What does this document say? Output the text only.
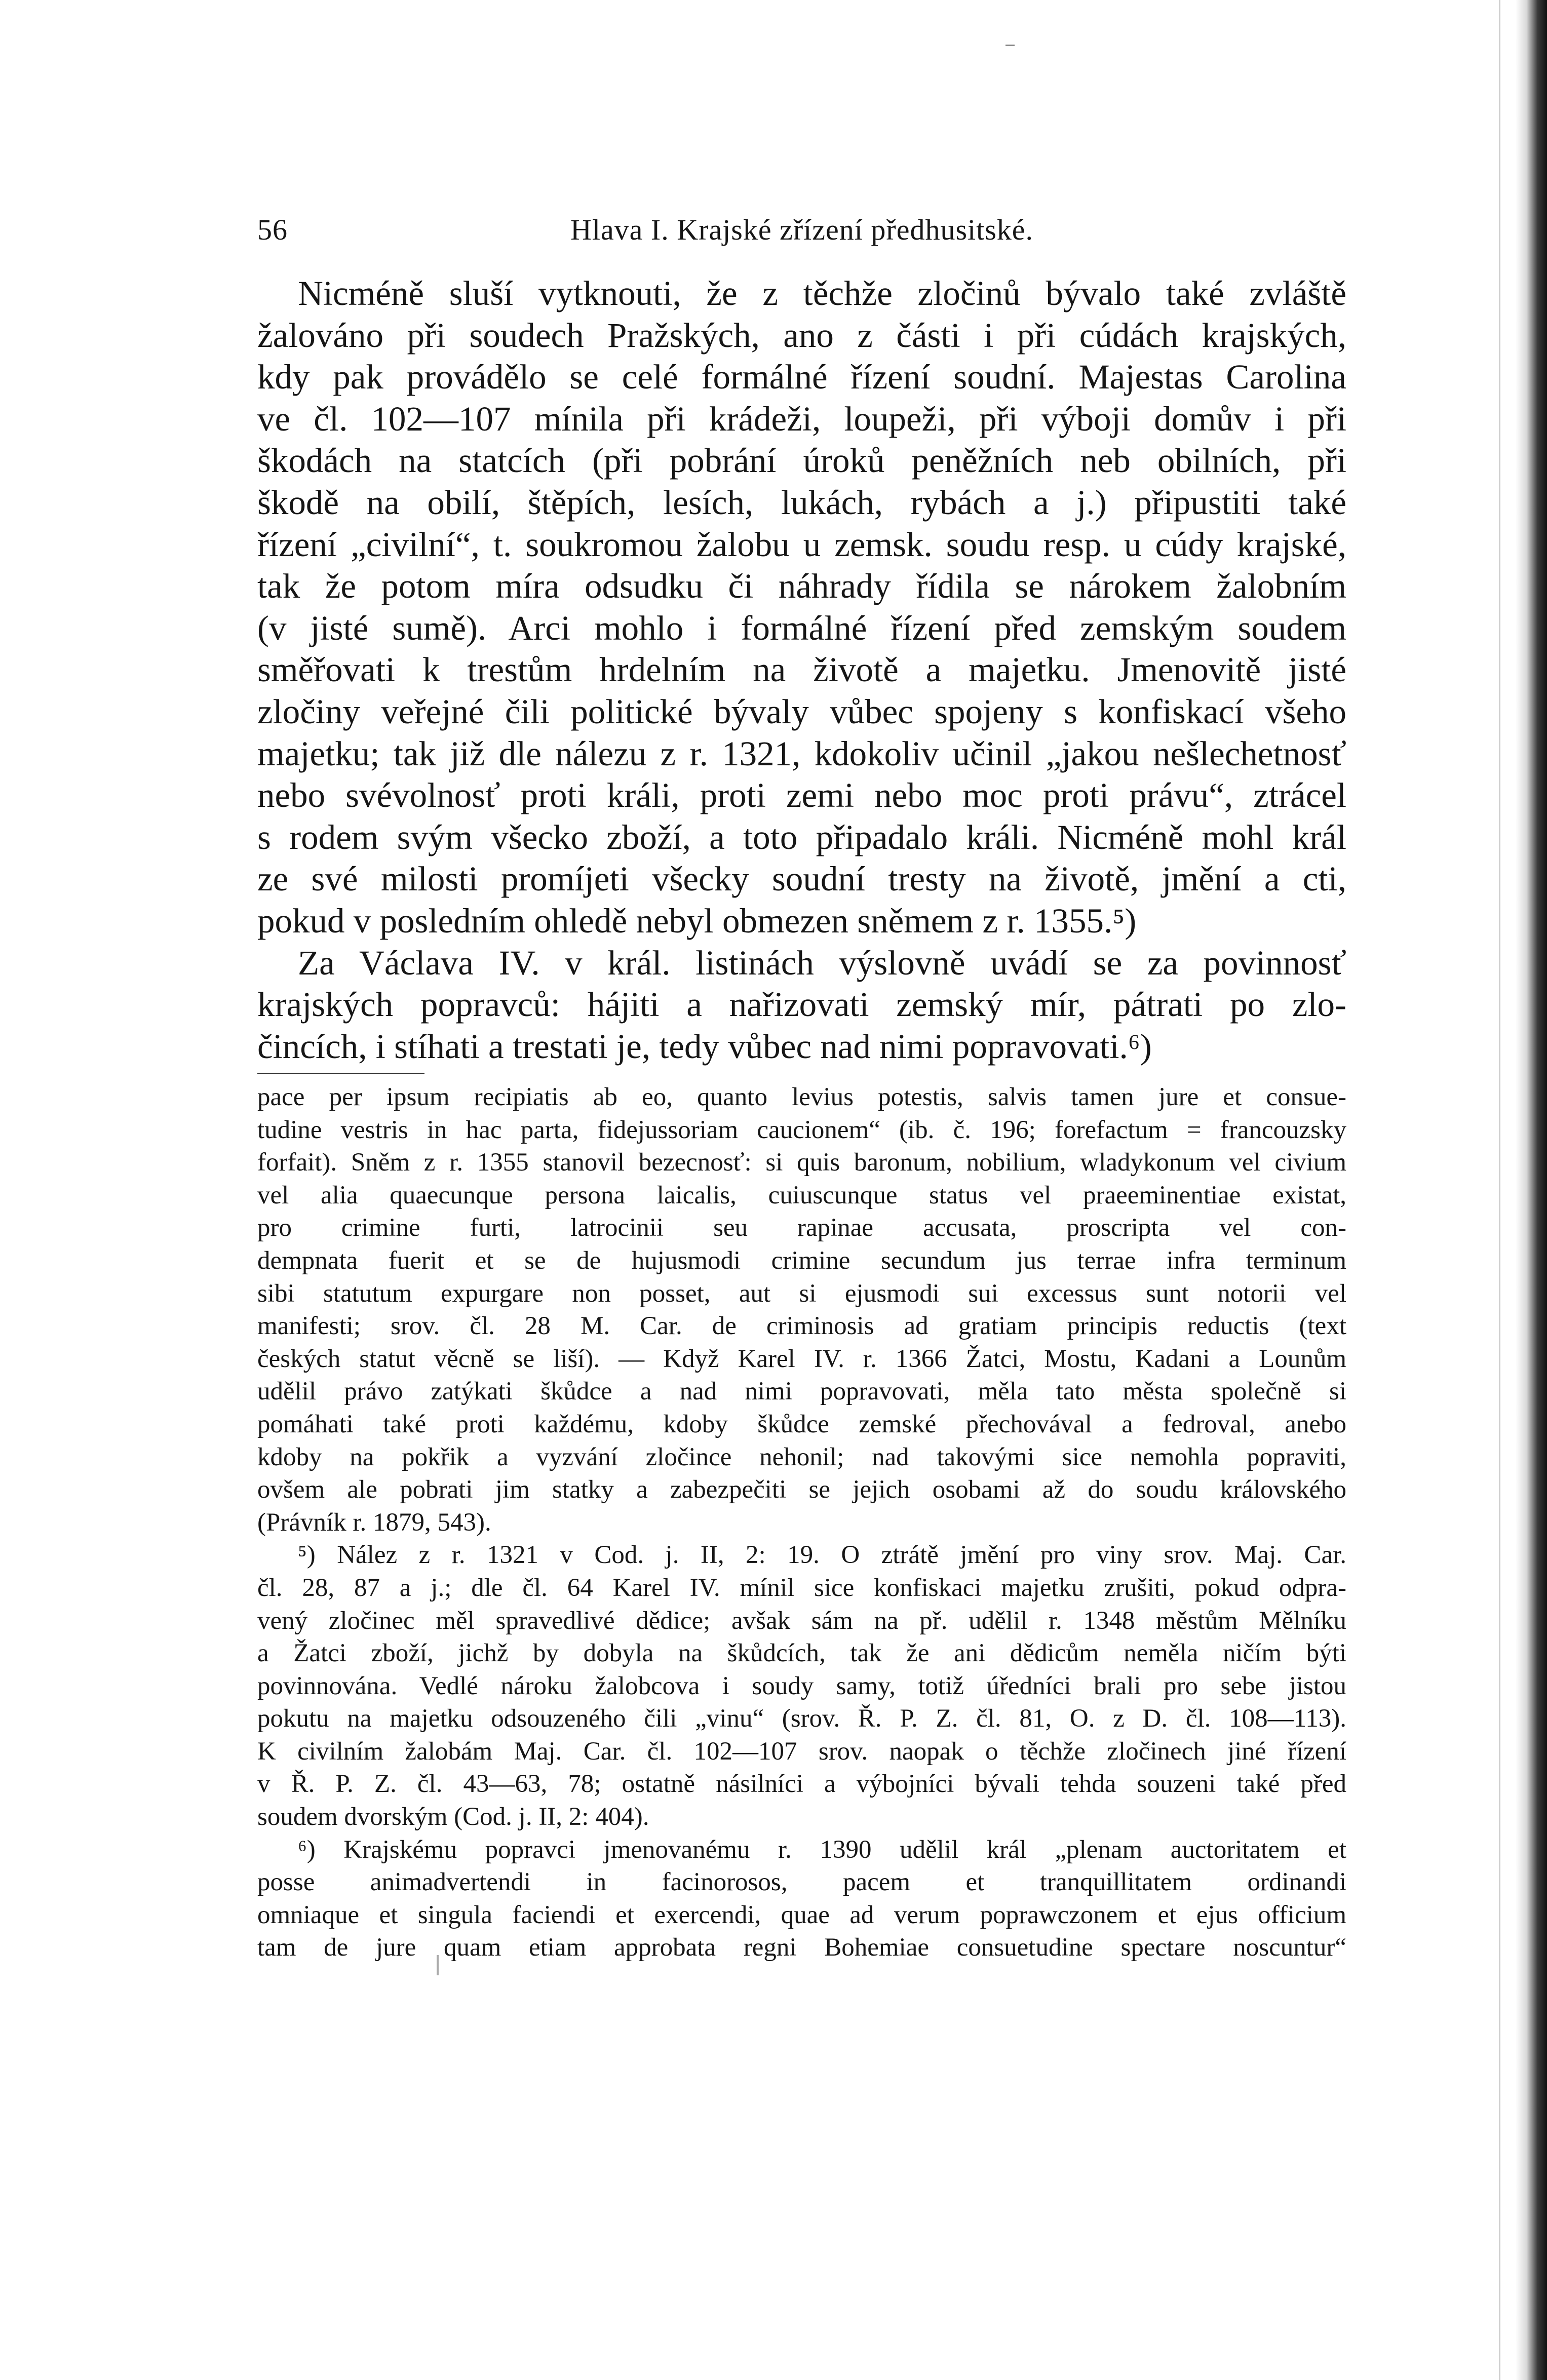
56	Hlava I. Krajské zřízení předhusitské.
Nicméně sluší vytknouti, že z těchže zločinů bývalo také zvláště
žalováno při soudech Pražských, ano z části i při cúdách krajských,
kdy pak provádělo se celé formálné řízení soudní. Majestas Carolina
ve čl. 102—107 mínila při krádeži, loupeži, při výboji domův i při
škodách na statcích (při pobrání úroků peněžních neb obilních, při
škodě na obilí, štěpích, lesích, lukách, rybách a j.) připustiti také
řízení „civilní“, t. soukromou žalobu u zemsk. soudu resp. u cúdy krajské,
tak že potom míra odsudku či náhrady řídila se nárokem žalobním
(v jisté sumě). Arci mohlo i formálné řízení před zemským soudem
směřovati k trestům hrdelním na životě a majetku. Jmenovitě jisté
zločiny veřejné čili politické bývaly vůbec spojeny s konfiskací všeho
majetku; tak již dle nálezu z r. 1321, kdokoliv učinil „jakou nešlechetnosť
nebo svévolnosť proti králi, proti zemi nebo moc proti právu“, ztrácel
s rodem svým všecko zboží, a toto připadalo králi. Nicméně mohl král
ze své milosti promíjeti všecky soudní tresty na životě, jmění a cti,
pokud v posledním ohledě nebyl obmezen sněmem z r. 1355.⁵)
Za Václava IV. v král. listinách výslovně uvádí se za povinnosť
krajských popravců: hájiti a nařizovati zemský mír, pátrati po zlo-
čincích, i stíhati a trestati je, tedy vůbec nad nimi popravovati.⁶)
pace per ipsum recipiatis ab eo, quanto levius potestis, salvis tamen jure et consue-
tudine vestris in hac parta, fidejussoriam caucionem“ (ib. č. 196; forefactum = francouzsky
forfait). Sněm z r. 1355 stanovil bezecnosť: si quis baronum, nobilium, wladykonum vel civium
vel alia quaecunque persona laicalis, cuiuscunque status vel praeeminentiae existat,
pro crimine furti, latrocinii seu rapinae accusata, proscripta vel con-
dempnata fuerit et se de hujusmodi crimine secundum jus terrae infra terminum
sibi statutum expurgare non posset, aut si ejusmodi sui excessus sunt notorii vel
manifesti; srov. čl. 28 M. Car. de criminosis ad gratiam principis reductis (text
českých statut věcně se liší). — Když Karel IV. r. 1366 Žatci, Mostu, Kadani a Lounům
udělil právo zatýkati škůdce a nad nimi popravovati, měla tato města společně si
pomáhati také proti každému, kdoby škůdce zemské přechovával a fedroval, anebo
kdoby na pokřik a vyzvání zločince nehonil; nad takovými sice nemohla popraviti,
ovšem ale pobrati jim statky a zabezpečiti se jejich osobami až do soudu královského
(Právník r. 1879, 543).
⁵) Nález z r. 1321 v Cod. j. II, 2: 19. O ztrátě jmění pro viny srov. Maj. Car.
čl. 28, 87 a j.; dle čl. 64 Karel IV. mínil sice konfiskaci majetku zrušiti, pokud odpra-
vený zločinec měl spravedlivé dědice; avšak sám na př. udělil r. 1348 městům Mělníku
a Žatci zboží, jichž by dobyla na škůdcích, tak že ani dědicům neměla ničím býti
povinnována. Vedlé nároku žalobcova i soudy samy, totiž úředníci brali pro sebe jistou
pokutu na majetku odsouzeného čili „vinu“ (srov. Ř. P. Z. čl. 81, O. z D. čl. 108—113).
K civilním žalobám Maj. Car. čl. 102—107 srov. naopak o těchže zločinech jiné řízení
v Ř. P. Z. čl. 43—63, 78; ostatně násilníci a výbojníci bývali tehda souzeni také před
soudem dvorským (Cod. j. II, 2: 404).
⁶) Krajskému popravci jmenovanému r. 1390 udělil král „plenam auctoritatem et
posse animadvertendi in facinorosos, pacem et tranquillitatem ordinandi
omniaque et singula faciendi et exercendi, quae ad verum poprawczonem et ejus officium
tam de jure quam etiam approbata regni Bohemiae consuetudine spectare noscuntur“
